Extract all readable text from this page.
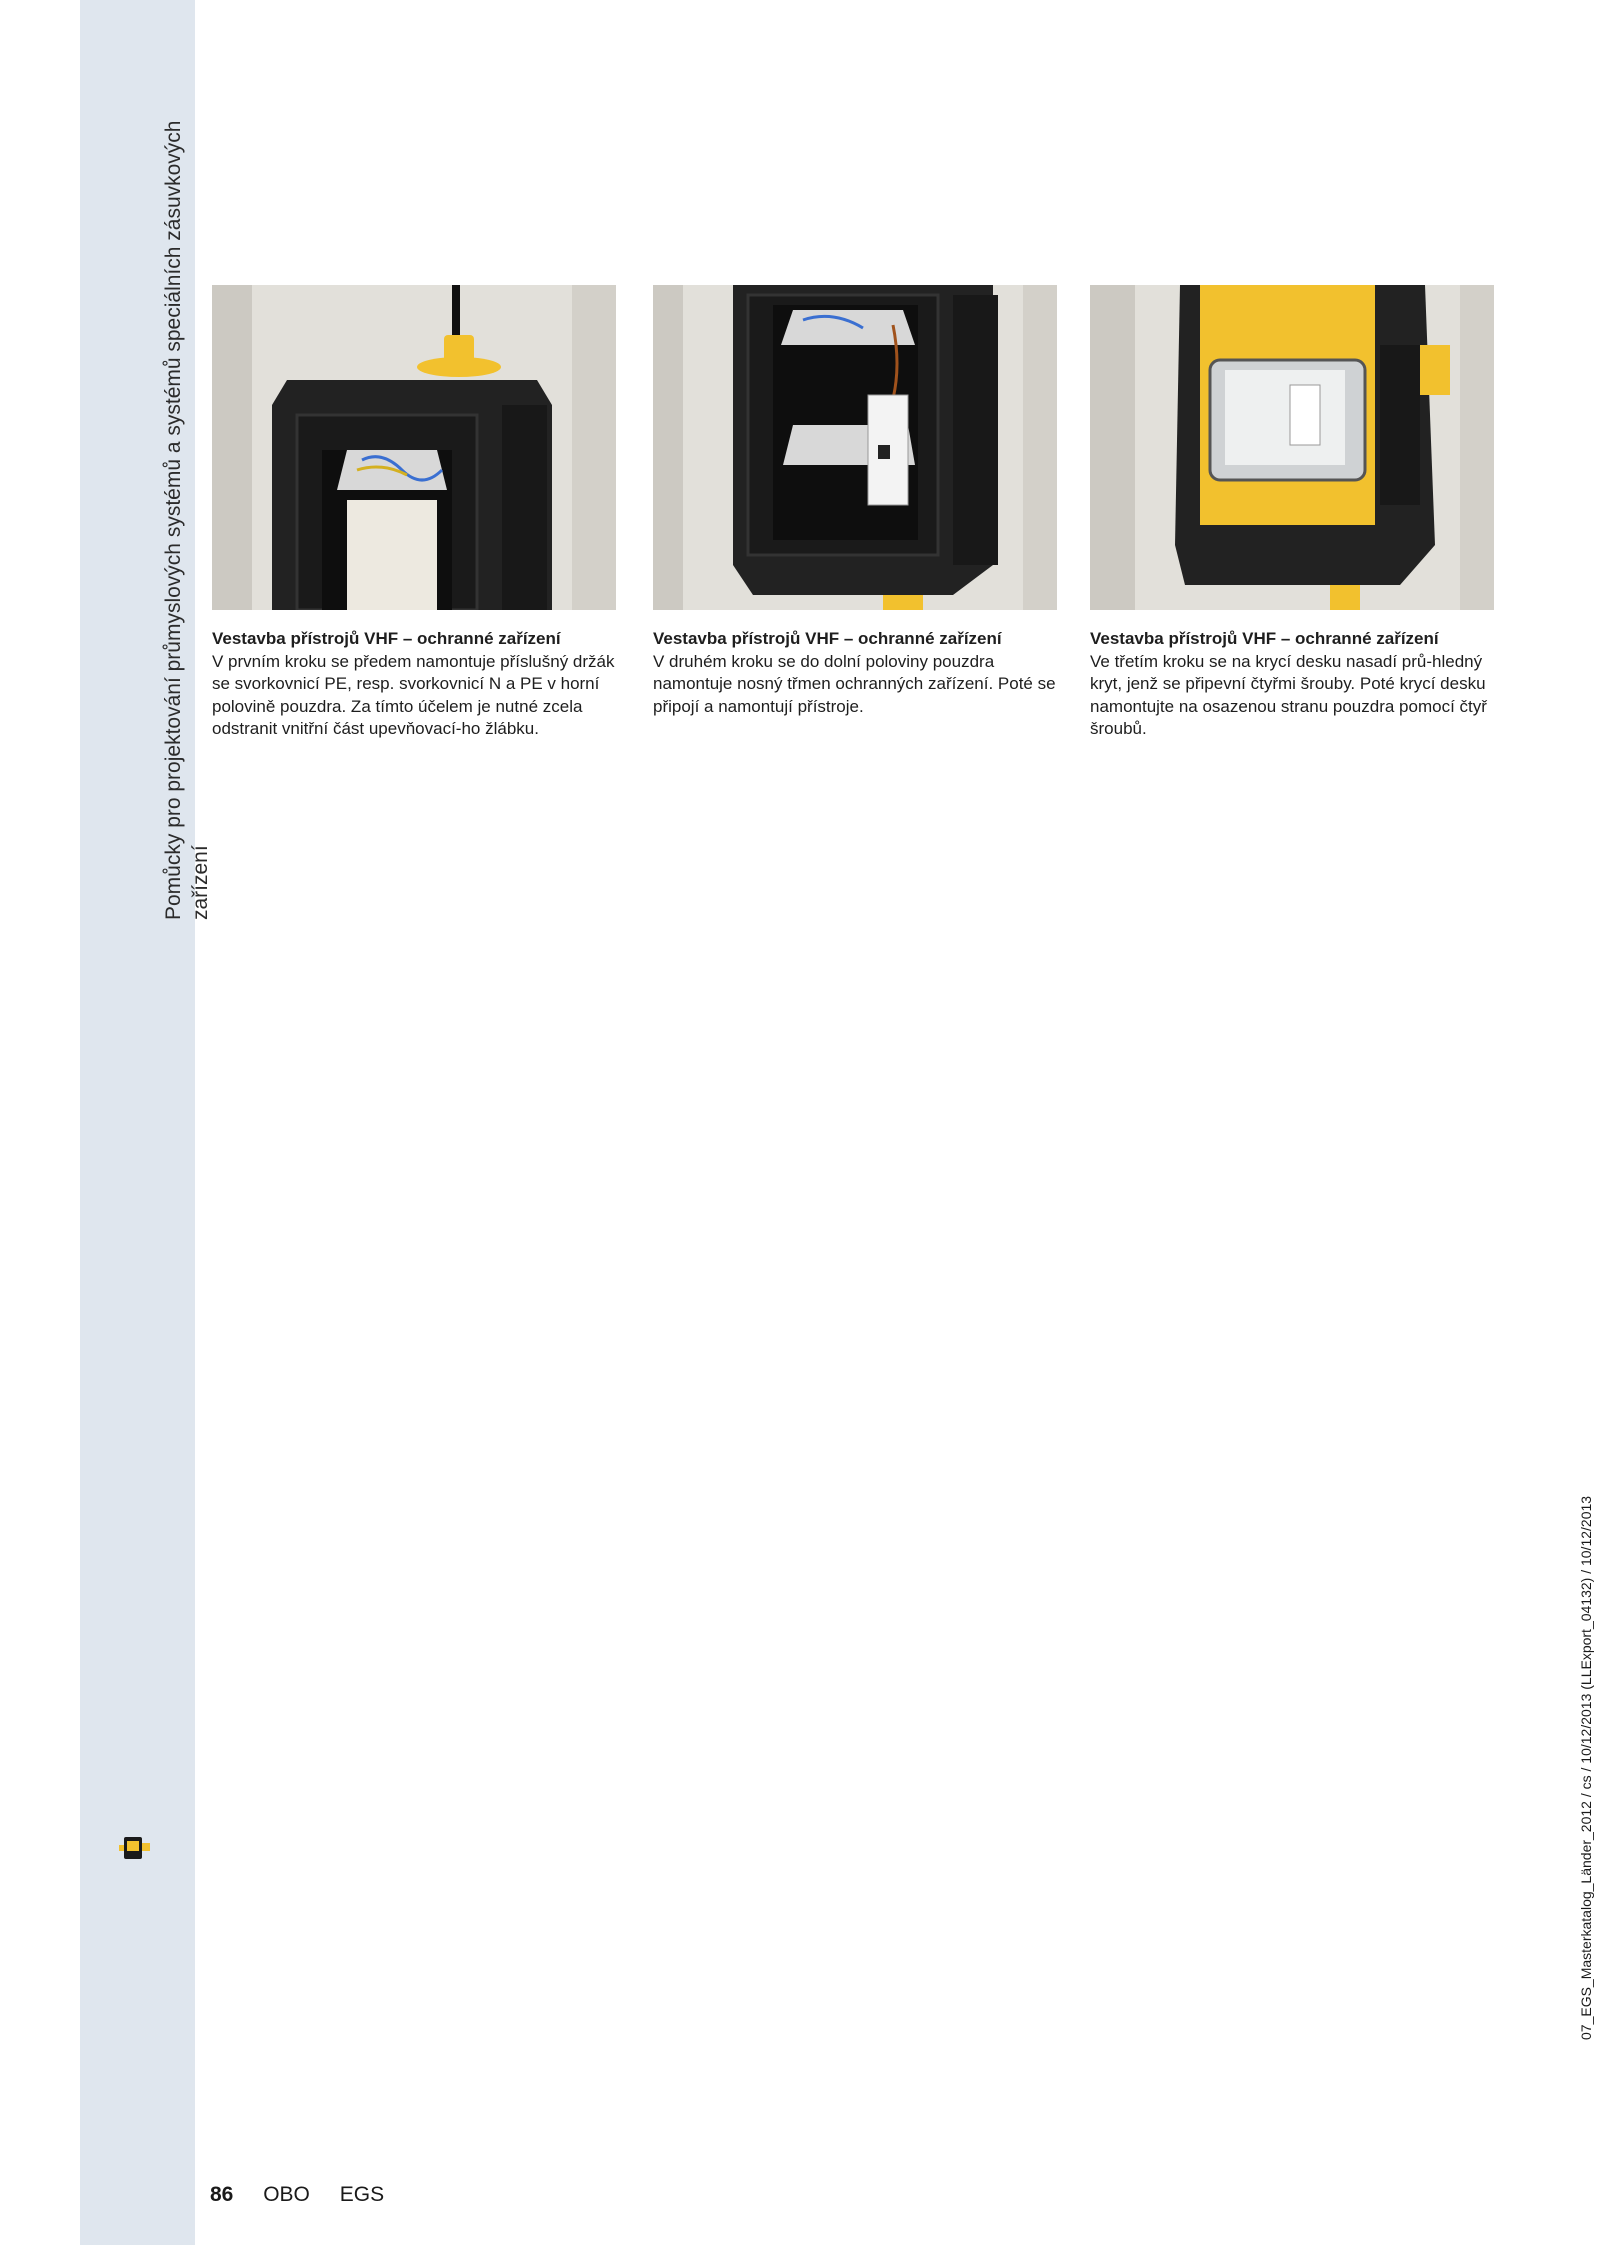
Pomůcky pro projektování průmyslových systémů a systémů speciálních zásuvkových zařízení
Vestavba přístrojů VHF – ochranné zařízení
V prvním kroku se předem namontuje příslušný držák se svorkovnicí PE, resp. svorkovnicí N a PE v horní polovině pouzdra. Za tímto účelem je nutné zcela odstranit vnitřní část upevňovací-ho žlábku.
Vestavba přístrojů VHF – ochranné zařízení
V druhém kroku se do dolní poloviny pouzdra namontuje nosný třmen ochranných zařízení. Poté se připojí a namontují přístroje.
Vestavba přístrojů VHF – ochranné zařízení
Ve třetím kroku se na krycí desku nasadí prů-hledný kryt, jenž se připevní čtyřmi šrouby. Poté krycí desku namontujte na osazenou stranu pouzdra pomocí čtyř šroubů.
86 OBO EGS
07_EGS_Masterkatalog_Länder_2012 / cs / 10/12/2013 (LLExport_04132) / 10/12/2013
